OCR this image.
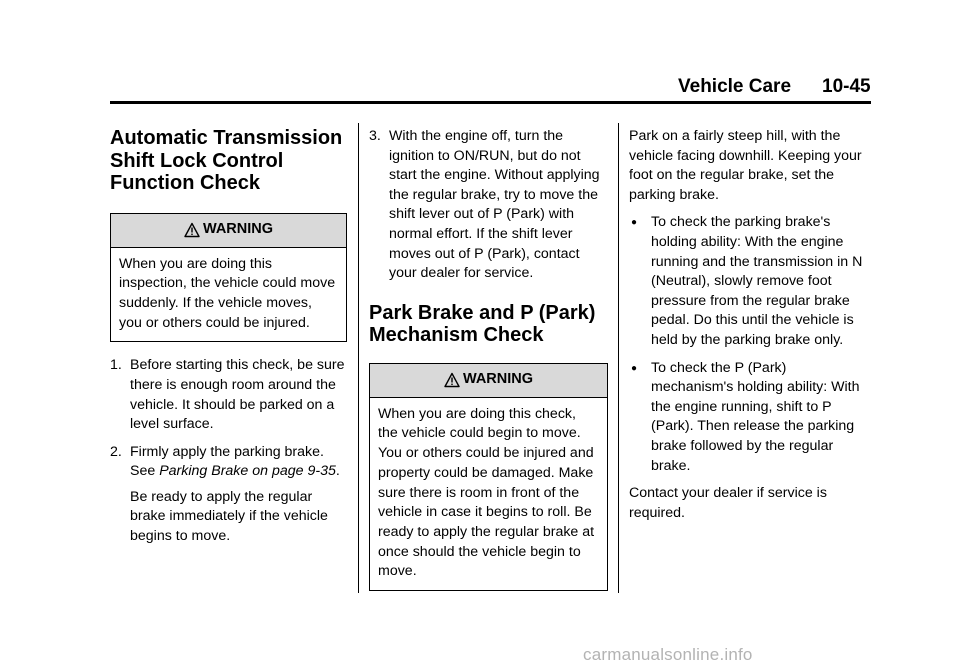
Vehicle Care 10-45
Automatic Transmission Shift Lock Control Function Check
WARNING
When you are doing this inspection, the vehicle could move suddenly. If the vehicle moves, you or others could be injured.
1. Before starting this check, be sure there is enough room around the vehicle. It should be parked on a level surface.
2. Firmly apply the parking brake. See Parking Brake on page 9-35.

Be ready to apply the regular brake immediately if the vehicle begins to move.

3. With the engine off, turn the ignition to ON/RUN, but do not start the engine. Without applying the regular brake, try to move the shift lever out of P (Park) with normal effort. If the shift lever moves out of P (Park), contact your dealer for service.
Park Brake and P (Park) Mechanism Check
WARNING
When you are doing this check, the vehicle could begin to move. You or others could be injured and property could be damaged. Make sure there is room in front of the vehicle in case it begins to roll. Be ready to apply the regular brake at once should the vehicle begin to move.

Park on a fairly steep hill, with the vehicle facing downhill. Keeping your foot on the regular brake, set the parking brake.

● To check the parking brake's holding ability: With the engine running and the transmission in N (Neutral), slowly remove foot pressure from the regular brake pedal. Do this until the vehicle is held by the parking brake only.
● To check the P (Park) mechanism's holding ability: With the engine running, shift to P (Park). Then release the parking brake followed by the regular brake.

Contact your dealer if service is required.

carmanualsonline.info
